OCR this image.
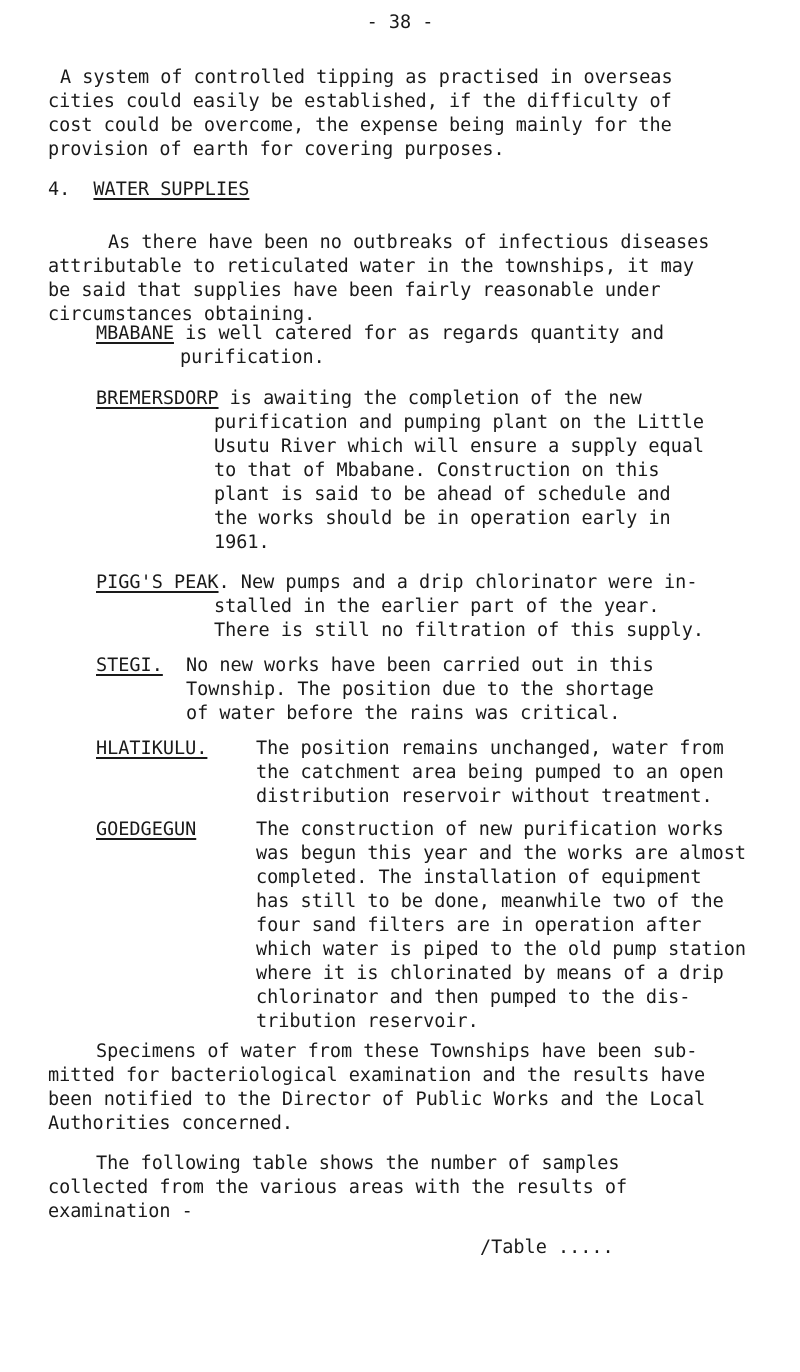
- 38 -
A system of controlled tipping as practised in overseas
cities could easily be established, if the difficulty of
cost could be overcome, the expense being mainly for the
provision of earth for covering purposes.
4. WATER SUPPLIES
As there have been no outbreaks of infectious diseases
attributable to reticulated water in the townships, it may
be said that supplies have been fairly reasonable under
circumstances obtaining.
MBABANE is well catered for as regards quantity and
purification.
BREMERSDORP is awaiting the completion of the new
purification and pumping plant on the Little
Usutu River which will ensure a supply equal
to that of Mbabane. Construction on this
plant is said to be ahead of schedule and
the works should be in operation early in
1961.
PIGG'S PEAK. New pumps and a drip chlorinator were in-
stalled in the earlier part of the year.
There is still no filtration of this supply.
STEGI. No new works have been carried out in this
Township. The position due to the shortage
of water before the rains was critical.
HLATIKULU.	The position remains unchanged, water from
the catchment area being pumped to an open
distribution reservoir without treatment.
GOEDGEGUN	The construction of new purification works
was begun this year and the works are almost
completed. The installation of equipment
has still to be done, meanwhile two of the
four sand filters are in operation after
which water is piped to the old pump station
where it is chlorinated by means of a drip
chlorinator and then pumped to the dis-
tribution reservoir.
Specimens of water from these Townships have been sub-
mitted for bacteriological examination and the results have
been notified to the Director of Public Works and the Local
Authorities concerned.
The following table shows the number of samples
collected from the various areas with the results of
examination -
/Table .....
